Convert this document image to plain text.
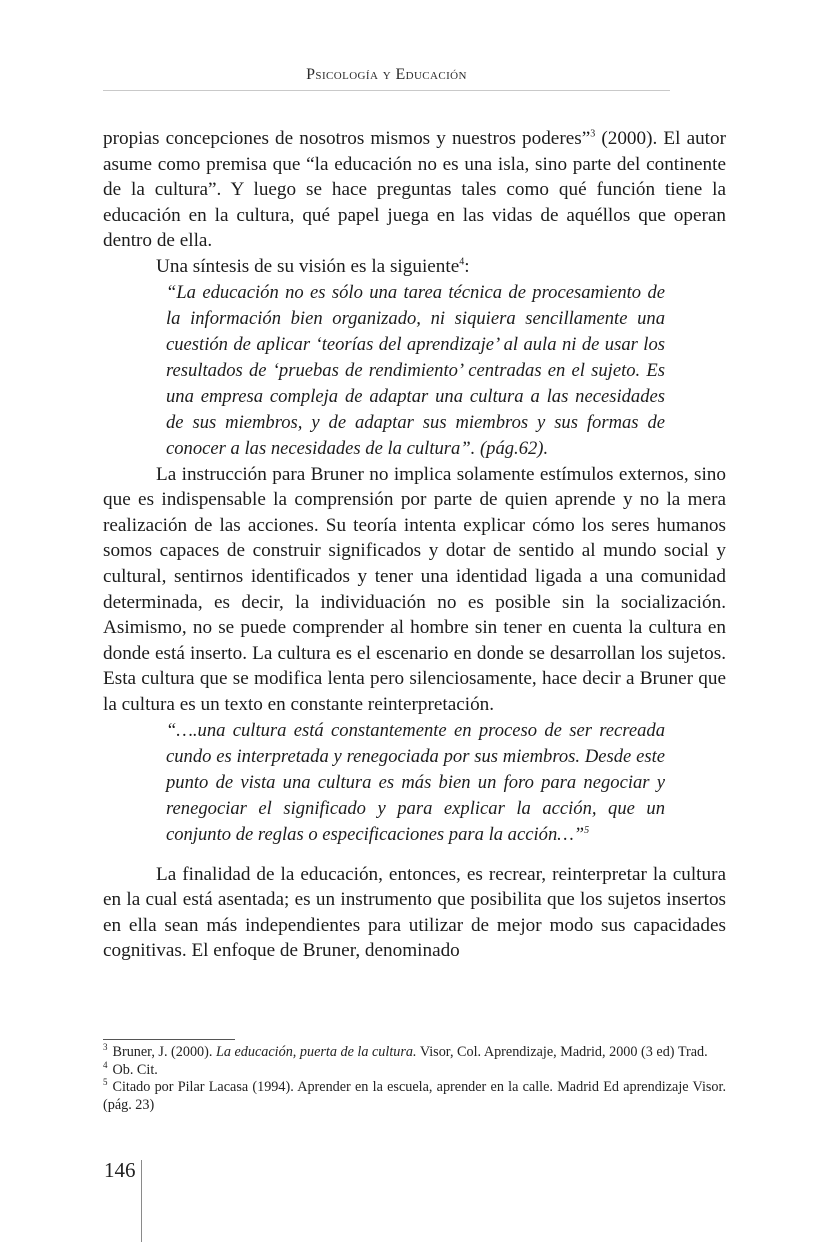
Psicología y Educación

propias concepciones de nosotros mismos y nuestros poderes”$^3$ (2000). El autor asume como premisa que “la educación no es una isla, sino parte del continente de la cultura”. Y luego se hace preguntas tales como qué función tiene la educación en la cultura, qué papel juega en las vidas de aquéllos que operan dentro de ella.

Una síntesis de su visión es la siguiente$^4$:

“La educación no es sólo una tarea técnica de procesamiento de la información bien organizado, ni siquiera sencillamente una cuestión de aplicar ‘teorías del aprendizaje’ al aula ni de usar los resultados de ‘pruebas de rendimiento’ centradas en el sujeto. Es una empresa compleja de adaptar una cultura a las necesidades de sus miembros, y de adaptar sus miembros y sus formas de conocer a las necesidades de la cultura”. (pág.62).

La instrucción para Bruner no implica solamente estímulos externos, sino que es indispensable la comprensión por parte de quien aprende y no la mera realización de las acciones. Su teoría intenta explicar cómo los seres humanos somos capaces de construir significados y dotar de sentido al mundo social y cultural, sentirnos identificados y tener una identidad ligada a una comunidad determinada, es decir, la individuación no es posible sin la socialización. Asimismo, no se puede comprender al hombre sin tener en cuenta la cultura en donde está inserto. La cultura es el escenario en donde se desarrollan los sujetos. Esta cultura que se modifica lenta pero silenciosamente, hace decir a Bruner que la cultura es un texto en constante reinterpretación.

“….una cultura está constantemente en proceso de ser recreada cundo es interpretada y renegociada por sus miembros. Desde este punto de vista una cultura es más bien un foro para negociar y renegociar el significado y para explicar la acción, que un conjunto de reglas o especificaciones para la acción…”$^5$

La finalidad de la educación, entonces, es recrear, reinterpretar la cultura en la cual está asentada; es un instrumento que posibilita que los sujetos insertos en ella sean más independientes para utilizar de mejor modo sus capacidades cognitivas. El enfoque de Bruner, denominado

$^3$ Bruner, J. (2000). La educación, puerta de la cultura. Visor, Col. Aprendizaje, Madrid, 2000 (3 ed) Trad.

$^4$ Ob. Cit.

$^5$ Citado por Pilar Lacasa (1994). Aprender en la escuela, aprender en la calle. Madrid Ed aprendizaje Visor. (pág. 23)

146
